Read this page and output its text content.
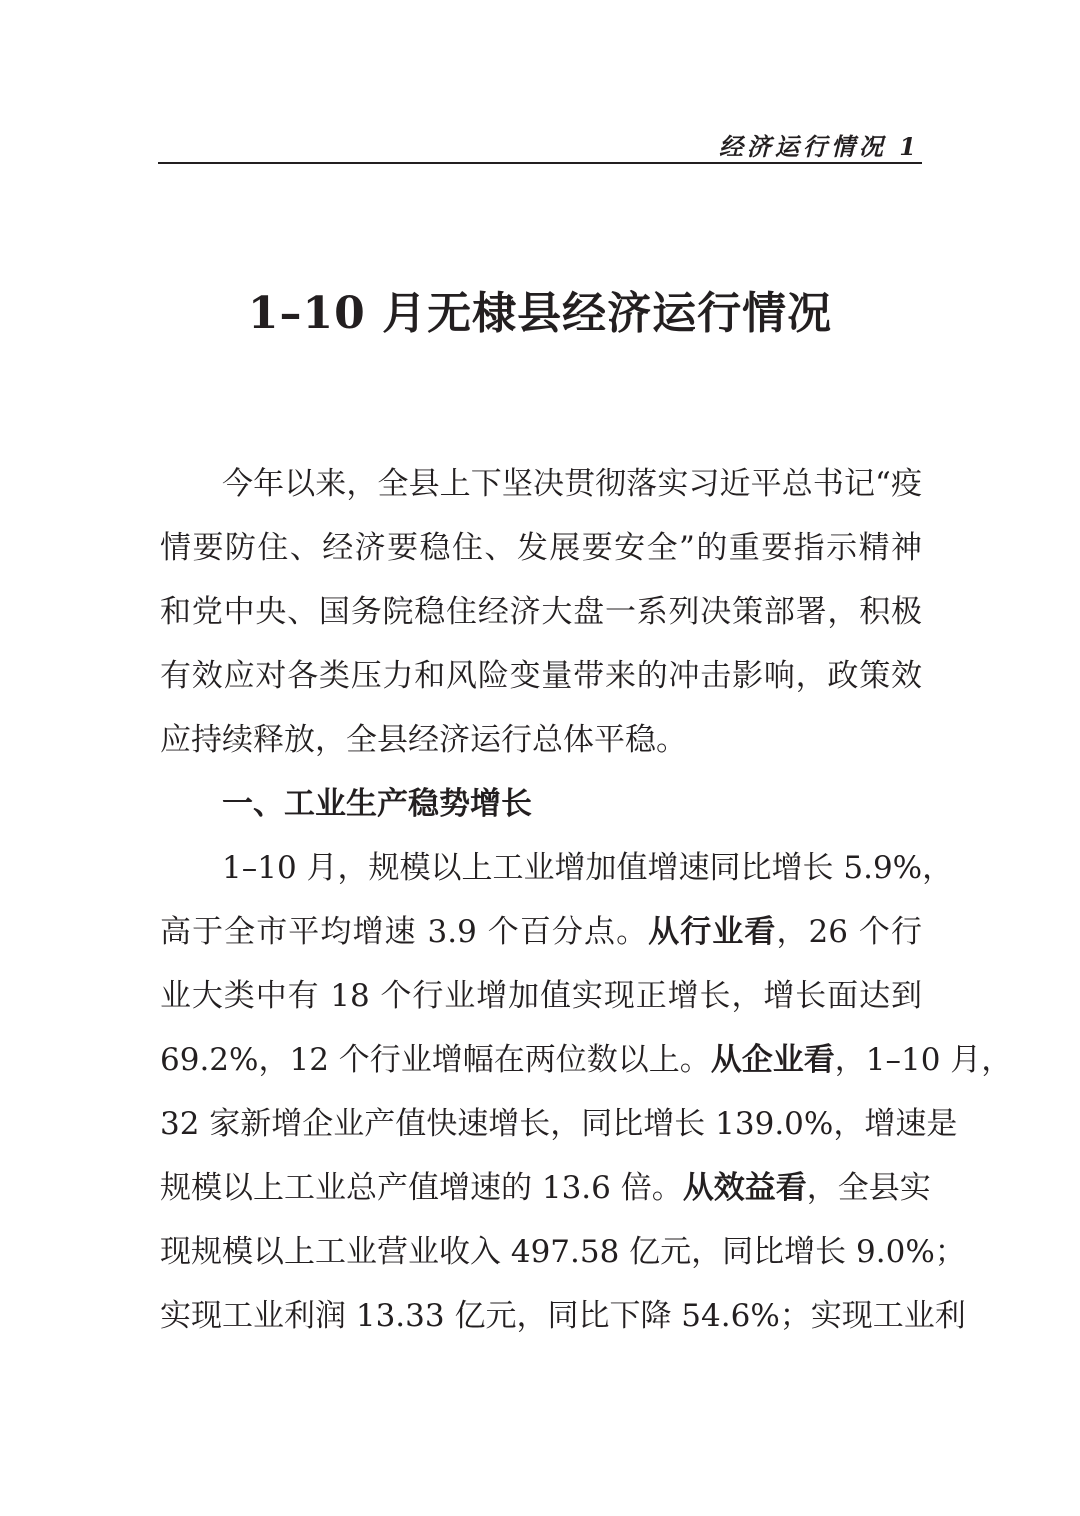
经济运行情况 1
1–10 月无棣县经济运行情况
今年以来，全县上下坚决贯彻落实习近平总书记“疫
情要防住、经济要稳住、发展要安全”的重要指示精神
和党中央、国务院稳住经济大盘一系列决策部署，积极
有效应对各类压力和风险变量带来的冲击影响，政策效
应持续释放，全县经济运行总体平稳。
一、工业生产稳势增长
1–10 月，规模以上工业增加值增速同比增长 5.9%，
高于全市平均增速 3.9 个百分点。从行业看，26 个行
业大类中有 18 个行业增加值实现正增长，增长面达到
69.2%，12 个行业增幅在两位数以上。从企业看，1–10 月，
32 家新增企业产值快速增长，同比增长 139.0%，增速是
规模以上工业总产值增速的 13.6 倍。从效益看，全县实
现规模以上工业营业收入 497.58 亿元，同比增长 9.0%；
实现工业利润 13.33 亿元，同比下降 54.6%；实现工业利
